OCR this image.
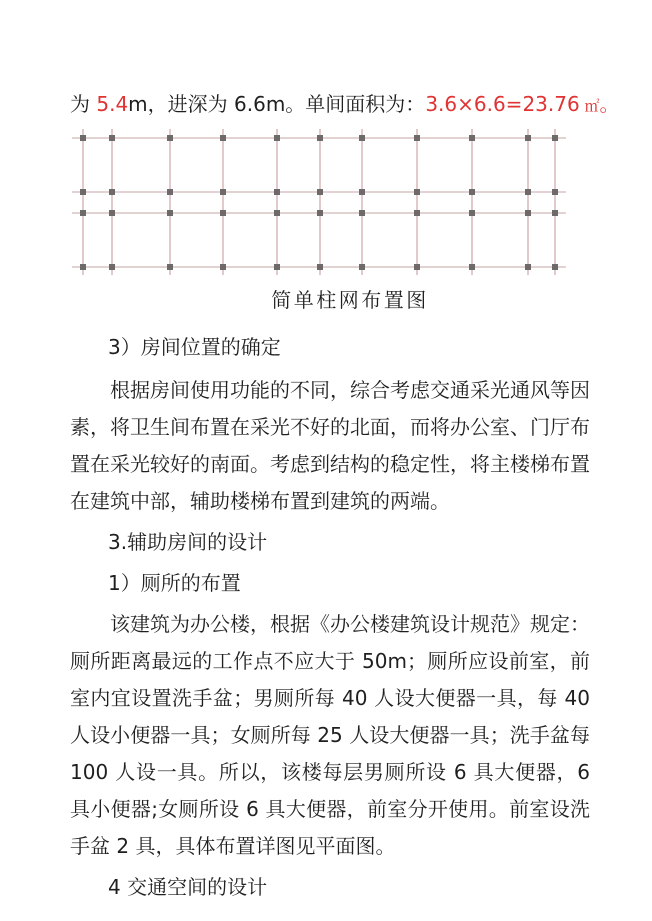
为 5.4m，进深为 6.6m。单间面积为：3.6×6.6=23.76 ㎡。

简单柱网布置图

3）房间位置的确定

根据房间使用功能的不同，综合考虑交通采光通风等因素，将卫生间布置在采光不好的北面，而将办公室、门厅布置在采光较好的南面。考虑到结构的稳定性，将主楼梯布置在建筑中部，辅助楼梯布置到建筑的两端。

3.辅助房间的设计
1）厕所的布置

该建筑为办公楼，根据《办公楼建筑设计规范》规定：厕所距离最远的工作点不应大于 50m；厕所应设前室，前室内宜设置洗手盆；男厕所每 40 人设大便器一具，每 40 人设小便器一具；女厕所每 25 人设大便器一具；洗手盆每 100 人设一具。所以，该楼每层男厕所设 6 具大便器，6 具小便器;女厕所设 6 具大便器，前室分开使用。前室设洗手盆 2 具，具体布置详图见平面图。

4 交通空间的设计
